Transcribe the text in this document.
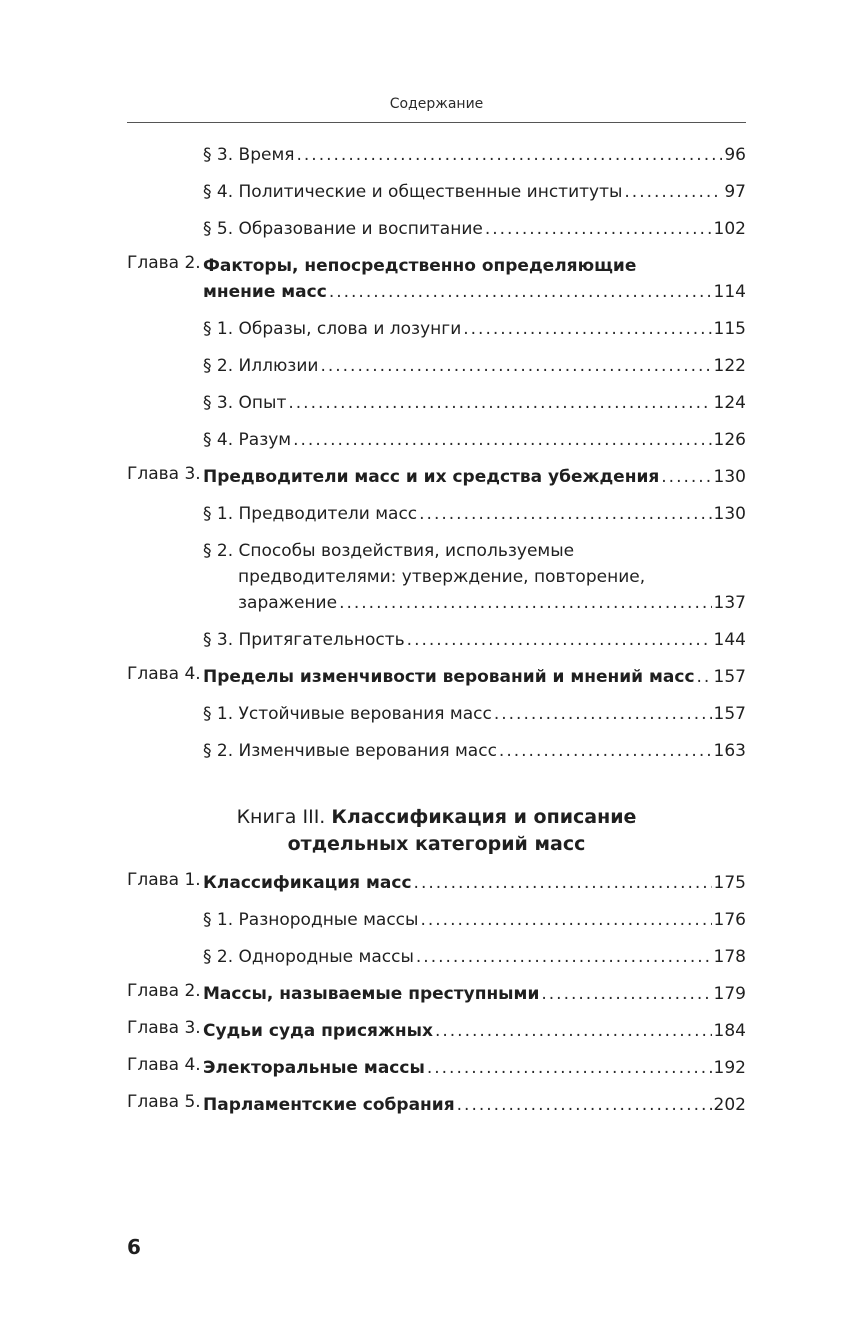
Содержание
§ 3. Время .....	96
§ 4. Политические и общественные институты .....	97
§ 5. Образование и воспитание .....	102
Глава 2. Факторы, непосредственно определяющие
мнение масс .....	114
§ 1. Образы, слова и лозунги .....	115
§ 2. Иллюзии .....	122
§ 3. Опыт .....	124
§ 4. Разум .....	126
Глава 3. Предводители масс и их средства убеждения .....	130
§ 1. Предводители масс .....	130
§ 2. Способы воздействия, используемые
предводителями: утверждение, повторение,
заражение .....	137
§ 3. Притягательность .....	144
Глава 4. Пределы изменчивости верований и мнений масс ..... 157
§ 1. Устойчивые верования масс .....	157
§ 2. Изменчивые верования масс .....	163
Книга III. Классификация и описание
отдельных категорий масс
Глава 1. Классификация масс .....	175
§ 1. Разнородные массы .....	176
§ 2. Однородные массы .....	178
Глава 2. Массы, называемые преступными .....	179
Глава 3. Судьи суда присяжных .....	184
Глава 4. Электоральные массы .....	192
Глава 5. Парламентские собрания .....	202
6
